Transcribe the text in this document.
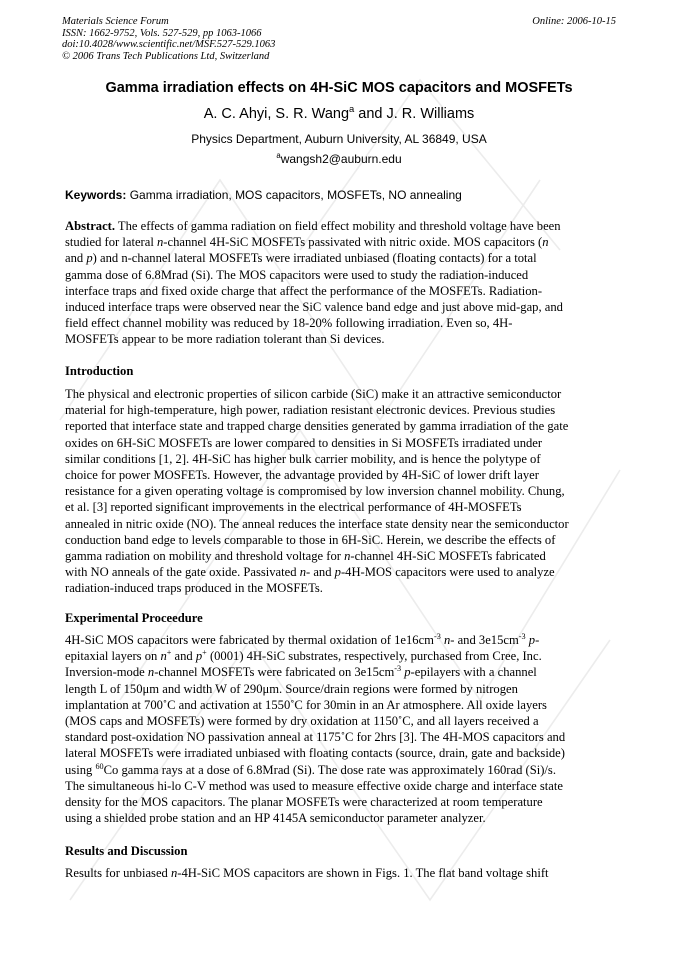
Materials Science Forum
ISSN: 1662-9752, Vols. 527-529, pp 1063-1066
doi:10.4028/www.scientific.net/MSF.527-529.1063
© 2006 Trans Tech Publications Ltd, Switzerland
Online: 2006-10-15
Gamma irradiation effects on 4H-SiC MOS capacitors and MOSFETs
A. C. Ahyi, S. R. Wang$^a$ and J. R. Williams
Physics Department, Auburn University, AL 36849, USA
$^a$wangsh2@auburn.edu
Keywords: Gamma irradiation, MOS capacitors, MOSFETs, NO annealing
Abstract. The effects of gamma radiation on field effect mobility and threshold voltage have been
studied for lateral n-channel 4H-SiC MOSFETs passivated with nitric oxide. MOS capacitors (n
and p) and n-channel lateral MOSFETs were irradiated unbiased (floating contacts) for a total
gamma dose of 6.8Mrad (Si). The MOS capacitors were used to study the radiation-induced
interface traps and fixed oxide charge that affect the performance of the MOSFETs. Radiation-
induced interface traps were observed near the SiC valence band edge and just above mid-gap, and
field effect channel mobility was reduced by 18-20% following irradiation. Even so, 4H-
MOSFETs appear to be more radiation tolerant than Si devices.
Introduction
The physical and electronic properties of silicon carbide (SiC) make it an attractive semiconductor
material for high-temperature, high power, radiation resistant electronic devices. Previous studies
reported that interface state and trapped charge densities generated by gamma irradiation of the gate
oxides on 6H-SiC MOSFETs are lower compared to densities in Si MOSFETs irradiated under
similar conditions [1, 2]. 4H-SiC has higher bulk carrier mobility, and is hence the polytype of
choice for power MOSFETs. However, the advantage provided by 4H-SiC of lower drift layer
resistance for a given operating voltage is compromised by low inversion channel mobility. Chung,
et al. [3] reported significant improvements in the electrical performance of 4H-MOSFETs
annealed in nitric oxide (NO). The anneal reduces the interface state density near the semiconductor
conduction band edge to levels comparable to those in 6H-SiC. Herein, we describe the effects of
gamma radiation on mobility and threshold voltage for n-channel 4H-SiC MOSFETs fabricated
with NO anneals of the gate oxide. Passivated n- and p-4H-MOS capacitors were used to analyze
radiation-induced traps produced in the MOSFETs.
Experimental Proceedure
4H-SiC MOS capacitors were fabricated by thermal oxidation of $1e16cm^{-3}$ n- and $3e15cm^{-3}$ p-
epitaxial layers on n+ and p+ (0001) 4H-SiC substrates, respectively, purchased from Cree, Inc.
Inversion-mode n-channel MOSFETs were fabricated on $3e15cm^{-3}$ p-epilayers with a channel
length L of 150μm and width W of 290μm. Source/drain regions were formed by nitrogen
implantation at 700˚C and activation at 1550˚C for 30min in an Ar atmosphere. All oxide layers
(MOS caps and MOSFETs) were formed by dry oxidation at 1150˚C, and all layers received a
standard post-oxidation NO passivation anneal at 1175˚C for 2hrs [3]. The 4H-MOS capacitors and
lateral MOSFETs were irradiated unbiased with floating contacts (source, drain, gate and backside)
using $^{60}$Co gamma rays at a dose of 6.8Mrad (Si). The dose rate was approximately 160rad (Si)/s.
The simultaneous hi-lo C-V method was used to measure effective oxide charge and interface state
density for the MOS capacitors. The planar MOSFETs were characterized at room temperature
using a shielded probe station and an HP 4145A semiconductor parameter analyzer.
Results and Discussion
Results for unbiased n-4H-SiC MOS capacitors are shown in Figs. 1. The flat band voltage shift
